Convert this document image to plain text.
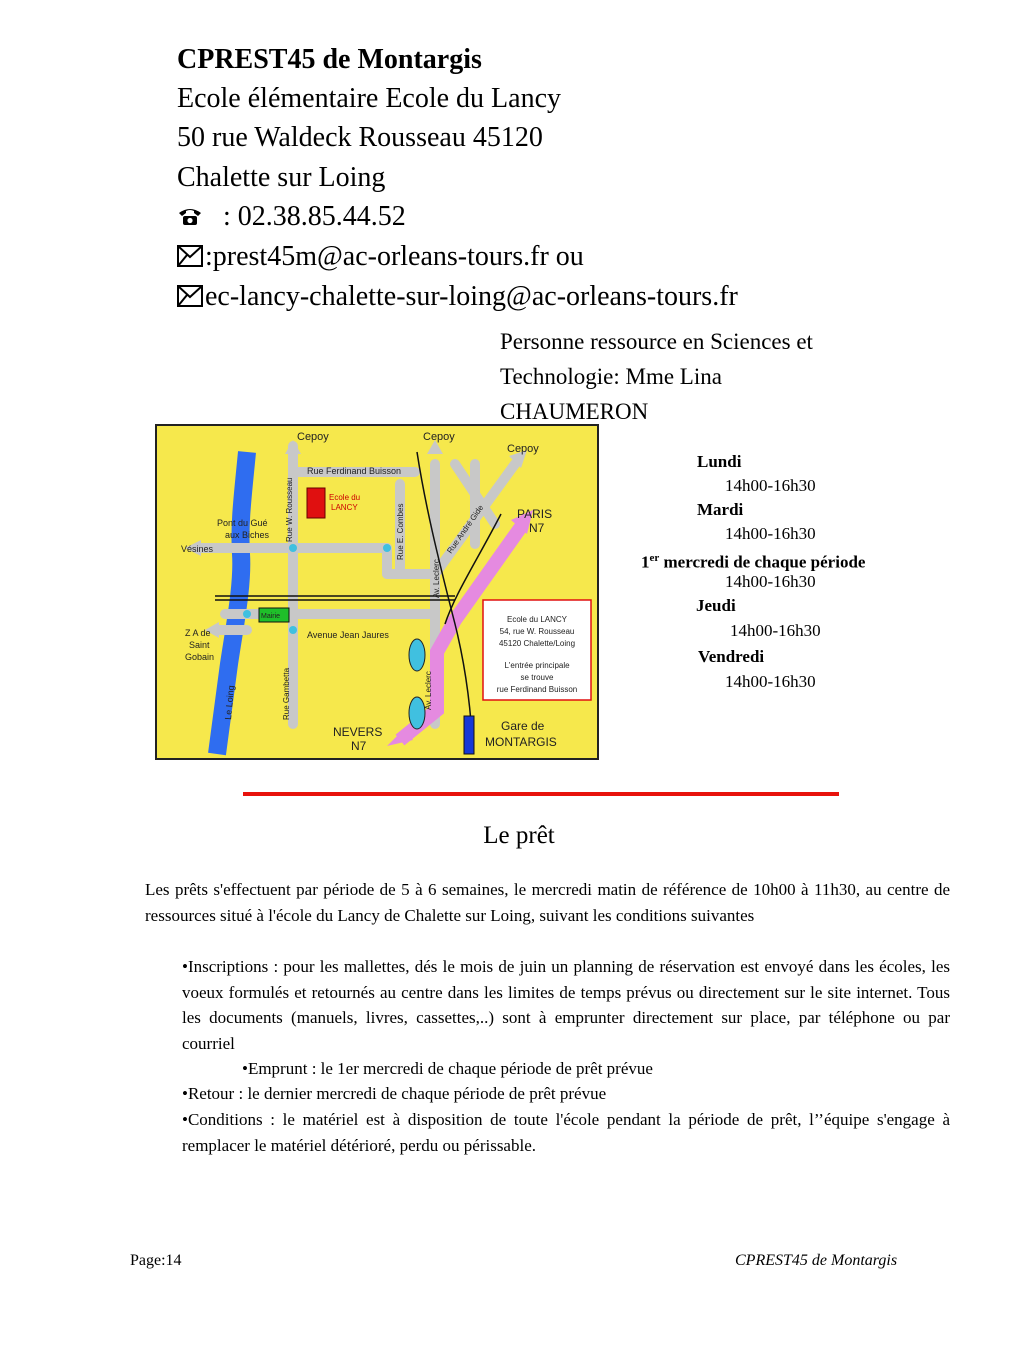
CPREST45 de Montargis
Ecole élémentaire Ecole du Lancy
50 rue Waldeck Rousseau 45120
Chalette sur Loing
: 02.38.85.44.52
:prest45m@ac-orleans-tours.fr ou
ec-lancy-chalette-sur-loing@ac-orleans-tours.fr
Personne ressource en Sciences et
Technologie: Mme Lina
CHAUMERON
Cepoy	Cepoy
Cepoy
Rue Ferdinand Buisson
Rue W. Rousseau	Ecole du
LANCY	Rue E. Combes	Rue André Gide	PARIS
N7
Pont du Gué
aux Biches
Vésines
Mairie
Z A de
Saint
Gobain
Avenue Jean Jaures
Av. Leclerc
Av. Leclerc
Le Loing	Rue Gambetta
NEVERS
N7
Gare de
MONTARGIS
Ecole du LANCY
54, rue W. Rousseau
45120 Chalette/Loing
L'entrée principale
se trouve
rue Ferdinand Buisson
Lundi
14h00-16h30
Mardi
14h00-16h30
1er mercredi de chaque période
14h00-16h30
Jeudi
14h00-16h30
Vendredi
14h00-16h30
Le prêt
Les prêts s'effectuent par période de 5 à 6 semaines, le mercredi matin de référence de 10h00 à 11h30, au centre de ressources situé à l'école du Lancy de Chalette sur Loing, suivant les conditions suivantes
•Inscriptions : pour les mallettes, dés le mois de juin un planning de réservation est envoyé dans les écoles, les voeux formulés et retournés au centre dans les limites de temps prévus ou directement sur le site internet. Tous les documents (manuels, livres, cassettes,..) sont à emprunter directement sur place, par téléphone ou par courriel
•Emprunt : le 1er mercredi de chaque période de prêt prévue
•Retour : le dernier mercredi de chaque période de prêt prévue
•Conditions : le matériel est à disposition de toute l'école pendant la période de prêt, l’’équipe s'engage à remplacer le matériel détérioré, perdu ou périssable.
Page:14	CPREST45 de Montargis
